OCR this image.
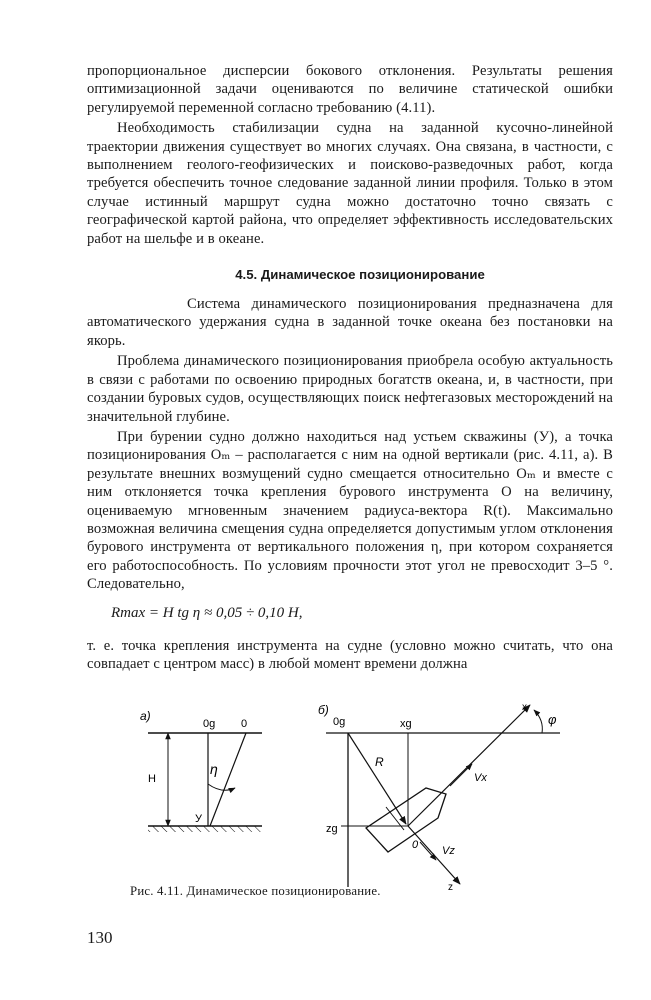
пропорциональное дисперсии бокового отклонения. Результаты решения оптимизационной задачи оцениваются по величине статической ошибки регулируемой переменной согласно требованию (4.11).

Необходимость стабилизации судна на заданной кусочно-линейной траектории движения существует во многих случаях. Она связана, в частности, с выполнением геолого-геофизических и поисково-разведочных работ, когда требуется обеспечить точное следование заданной линии профиля. Только в этом случае истинный маршрут судна можно достаточно точно связать с географической картой района, что определяет эффективность исследовательских работ на шельфе и в океане.

4.5. Динамическое позиционирование

Система динамического позиционирования предназначена для автоматического удержания судна в заданной точке океана без постановки на якорь.

Проблема динамического позиционирования приобрела особую актуальность в связи с работами по освоению природных богатств океана, и, в частности, при создании буровых судов, осуществляющих поиск нефтегазовых месторождений на значительной глубине.

При бурении судно должно находиться над устьем скважины (У), а точка позиционирования Oₘ – располагается с ним на одной вертикали (рис. 4.11, а). В результате внешних возмущений судно смещается относительно Oₘ и вместе с ним отклоняется точка крепления бурового инструмента O на величину, оцениваемую мгновенным значением радиуса-вектора R(t). Максимально возможная величина смещения судна определяется допустимым углом отклонения бурового инструмента от вертикального положения η, при котором сохраняется его работоспособность. По условиям прочности этот угол не превосходит 3–5 °. Следовательно,

Rmax = H tg η ≈ 0,05 ÷ 0,10 H,

т. е. точка крепления инструмента на судне (условно можно считать, что она совпадает с центром масс) в любой момент времени должна

а)
0g 0
H
η
У
б)
0g	xg
zg
R
x
Vx
z
Vz
0
φ
Рис. 4.11. Динамическое позиционирование.
130
